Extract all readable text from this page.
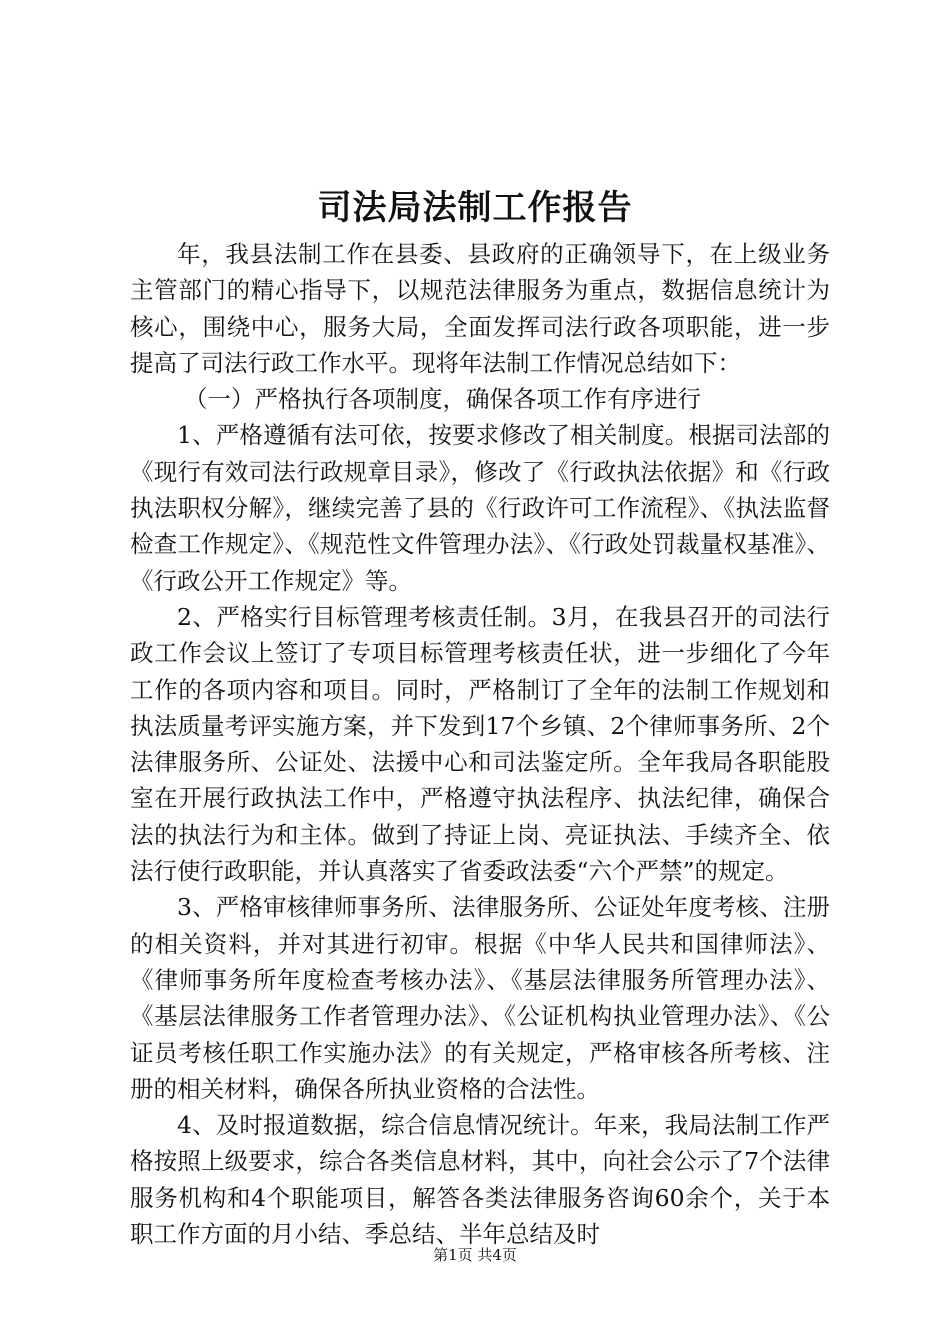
司法局法制工作报告

年，我县法制工作在县委、县政府的正确领导下，在上级业务主管部门的精心指导下，以规范法律服务为重点，数据信息统计为核心，围绕中心，服务大局，全面发挥司法行政各项职能，进一步提高了司法行政工作水平。现将年法制工作情况总结如下：

（一）严格执行各项制度，确保各项工作有序进行

1、严格遵循有法可依，按要求修改了相关制度。根据司法部的《现行有效司法行政规章目录》，修改了《行政执法依据》和《行政执法职权分解》，继续完善了县的《行政许可工作流程》、《执法监督检查工作规定》、《规范性文件管理办法》、《行政处罚裁量权基准》、《行政公开工作规定》等。

2、严格实行目标管理考核责任制。3月，在我县召开的司法行政工作会议上签订了专项目标管理考核责任状，进一步细化了今年工作的各项内容和项目。同时，严格制订了全年的法制工作规划和执法质量考评实施方案，并下发到17个乡镇、2个律师事务所、2个法律服务所、公证处、法援中心和司法鉴定所。全年我局各职能股室在开展行政执法工作中，严格遵守执法程序、执法纪律，确保合法的执法行为和主体。做到了持证上岗、亮证执法、手续齐全、依法行使行政职能，并认真落实了省委政法委“六个严禁”的规定。

3、严格审核律师事务所、法律服务所、公证处年度考核、注册的相关资料，并对其进行初审。根据《中华人民共和国律师法》、《律师事务所年度检查考核办法》、《基层法律服务所管理办法》、《基层法律服务工作者管理办法》、《公证机构执业管理办法》、《公证员考核任职工作实施办法》的有关规定，严格审核各所考核、注册的相关材料，确保各所执业资格的合法性。

4、及时报道数据，综合信息情况统计。年来，我局法制工作严格按照上级要求，综合各类信息材料，其中，向社会公示了7个法律服务机构和4个职能项目，解答各类法律服务咨询60余个，关于本职工作方面的月小结、季总结、半年总结及时

第1页 共4页
